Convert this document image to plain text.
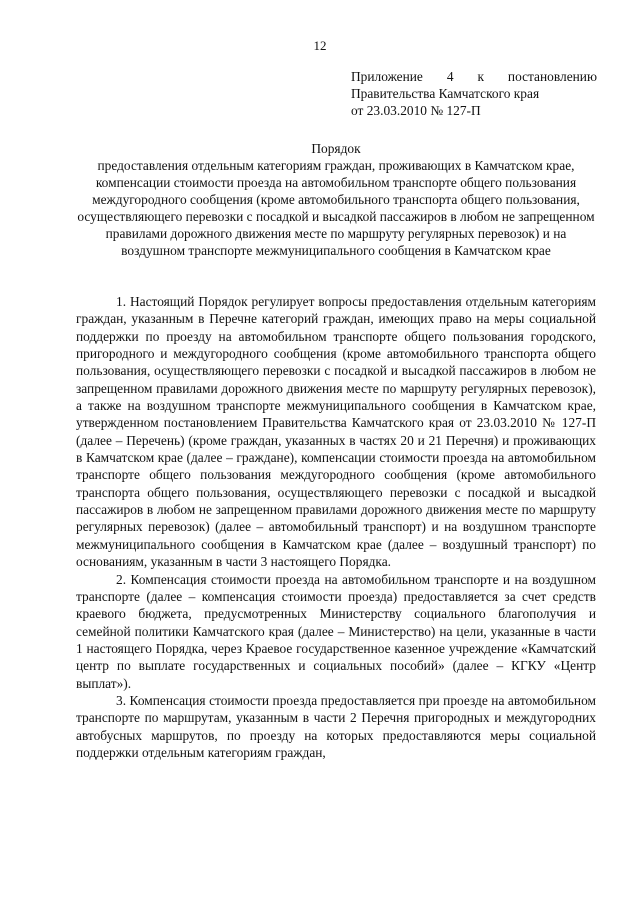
12
Приложение 4 к постановлению
Правительства Камчатского края
от 23.03.2010 № 127-П
Порядок
предоставления отдельным категориям граждан, проживающих в Камчатском крае, компенсации стоимости проезда на автомобильном транспорте общего пользования междугородного сообщения (кроме автомобильного транспорта общего пользования, осуществляющего перевозки с посадкой и высадкой пассажиров в любом не запрещенном правилами дорожного движения месте по маршруту регулярных перевозок) и на воздушном транспорте межмуниципального сообщения в Камчатском крае

1. Настоящий Порядок регулирует вопросы предоставления отдельным категориям граждан, указанным в Перечне категорий граждан, имеющих право на меры социальной поддержки по проезду на автомобильном транспорте общего пользования городского, пригородного и междугородного сообщения (кроме автомобильного транспорта общего пользования, осуществляющего перевозки с посадкой и высадкой пассажиров в любом не запрещенном правилами дорожного движения месте по маршруту регулярных перевозок), а также на воздушном транспорте межмуниципального сообщения в Камчатском крае, утвержденном постановлением Правительства Камчатского края от 23.03.2010 № 127-П (далее – Перечень) (кроме граждан, указанных в частях 20 и 21 Перечня) и проживающих в Камчатском крае (далее – граждане), компенсации стоимости проезда на автомобильном транспорте общего пользования междугородного сообщения (кроме автомобильного транспорта общего пользования, осуществляющего перевозки с посадкой и высадкой пассажиров в любом не запрещенном правилами дорожного движения месте по маршруту регулярных перевозок) (далее – автомобильный транспорт) и на воздушном транспорте межмуниципального сообщения в Камчатском крае (далее – воздушный транспорт) по основаниям, указанным в части 3 настоящего Порядка.

2. Компенсация стоимости проезда на автомобильном транспорте и на воздушном транспорте (далее – компенсация стоимости проезда) предоставляется за счет средств краевого бюджета, предусмотренных Министерству социального благополучия и семейной политики Камчатского края (далее – Министерство) на цели, указанные в части 1 настоящего Порядка, через Краевое государственное казенное учреждение «Камчатский центр по выплате государственных и социальных пособий» (далее – КГКУ «Центр выплат»).

3. Компенсация стоимости проезда предоставляется при проезде на автомобильном транспорте по маршрутам, указанным в части 2 Перечня пригородных и междугородних автобусных маршрутов, по проезду на которых предоставляются меры социальной поддержки отдельным категориям граждан,
